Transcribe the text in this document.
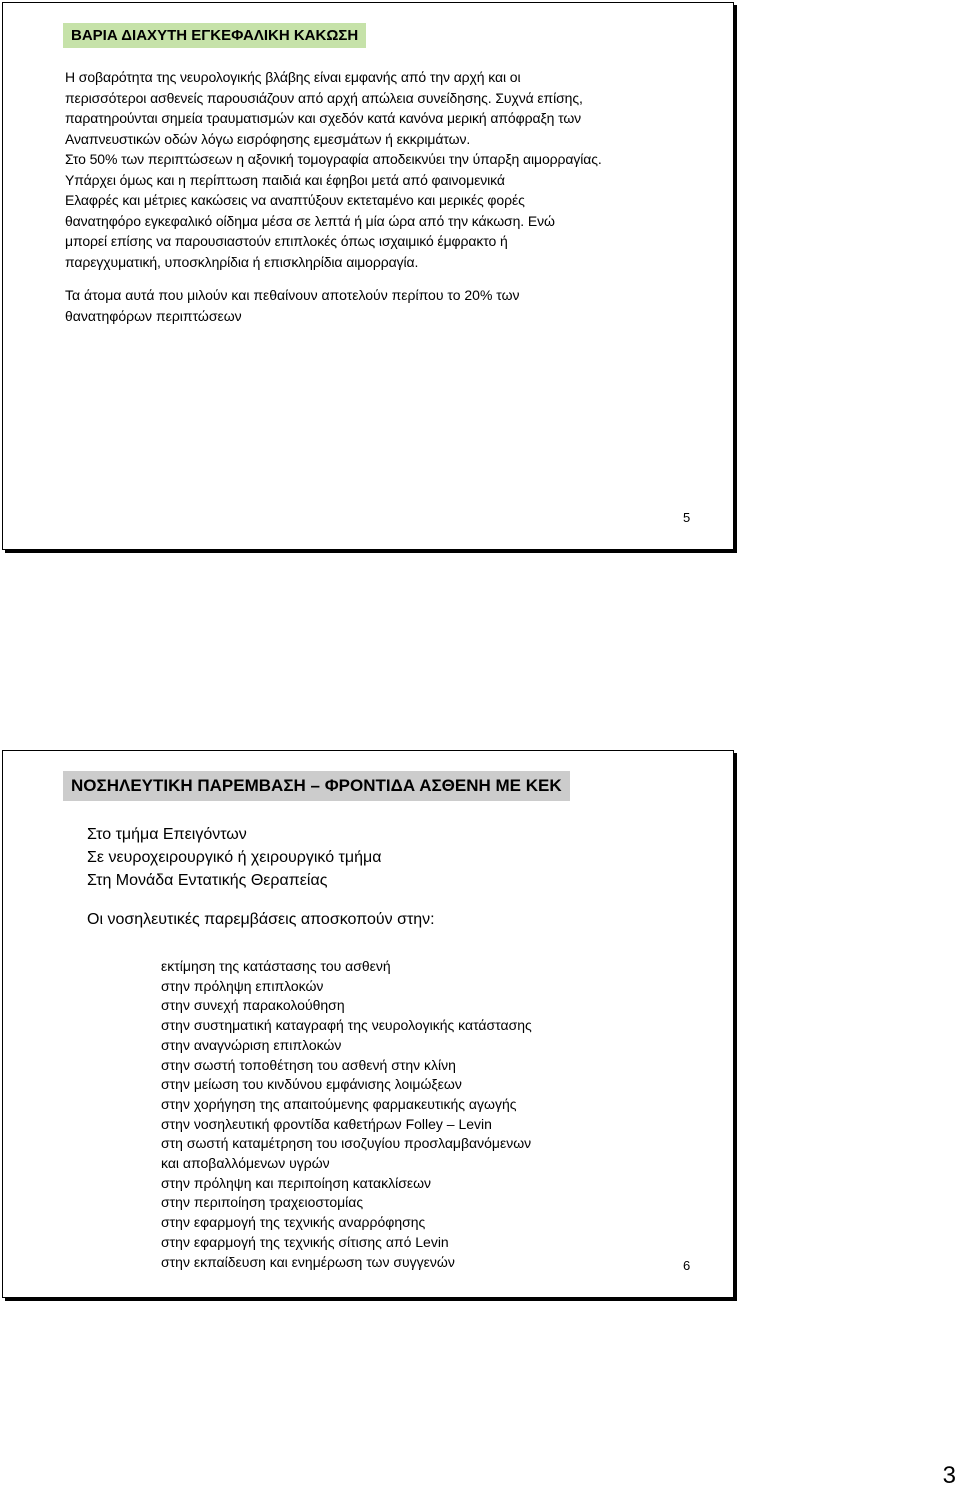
ΒΑΡΙΑ ΔΙΑΧΥΤΗ ΕΓΚΕΦΑΛΙΚΗ ΚΑΚΩΣΗ

Η σοβαρότητα της νευρολογικής βλάβης είναι εμφανής από την αρχή και οι
περισσότεροι ασθενείς παρουσιάζουν από αρχή απώλεια συνείδησης. Συχνά επίσης,
παρατηρούνται σημεία τραυματισμών και σχεδόν κατά κανόνα μερική απόφραξη των
Αναπνευστικών οδών λόγω εισρόφησης εμεσμάτων ή εκκριμάτων.
Στο 50% των περιπτώσεων η αξονική τομογραφία αποδεικνύει την ύπαρξη αιμορραγίας.
Υπάρχει όμως και η περίπτωση παιδιά και έφηβοι μετά από φαινομενικά
Ελαφρές και μέτριες κακώσεις να αναπτύξουν εκτεταμένο και μερικές φορές
θανατηφόρο εγκεφαλικό οίδημα μέσα σε λεπτά ή μία ώρα από την κάκωση. Ενώ
μπορεί επίσης να παρουσιαστούν επιπλοκές όπως ισχαιμικό έμφρακτο ή
παρεγχυματική, υποσκληρίδια ή επισκληρίδια αιμορραγία.

Τα άτομα αυτά που μιλούν και πεθαίνουν αποτελούν περίπου το 20% των
θανατηφόρων περιπτώσεων

5
ΝΟΣΗΛΕΥΤΙΚΗ ΠΑΡΕΜΒΑΣΗ – ΦΡΟΝΤΙΔΑ ΑΣΘΕΝΗ ΜΕ ΚΕΚ
Στο τμήμα Επειγόντων
Σε νευροχειρουργικό ή χειρουργικό τμήμα
Στη Μονάδα Εντατικής Θεραπείας
Οι νοσηλευτικές παρεμβάσεις αποσκοπούν στην:
εκτίμηση της κατάστασης του ασθενή
στην πρόληψη επιπλοκών
στην συνεχή παρακολούθηση
στην συστηματική καταγραφή της νευρολογικής κατάστασης
στην αναγνώριση επιπλοκών
στην σωστή τοποθέτηση του ασθενή στην κλίνη
στην μείωση του κινδύνου εμφάνισης λοιμώξεων
στην χορήγηση της απαιτούμενης φαρμακευτικής αγωγής
στην νοσηλευτική φροντίδα καθετήρων Folley – Levin
στη σωστή καταμέτρηση του ισοζυγίου προσλαμβανόμενων
και αποβαλλόμενων υγρών
στην πρόληψη και περιποίηση κατακλίσεων
στην περιποίηση τραχειοστομίας
στην εφαρμογή της τεχνικής αναρρόφησης
στην εφαρμογή της τεχνικής σίτισης από Levin
στην εκπαίδευση και ενημέρωση των συγγενών	6
3
